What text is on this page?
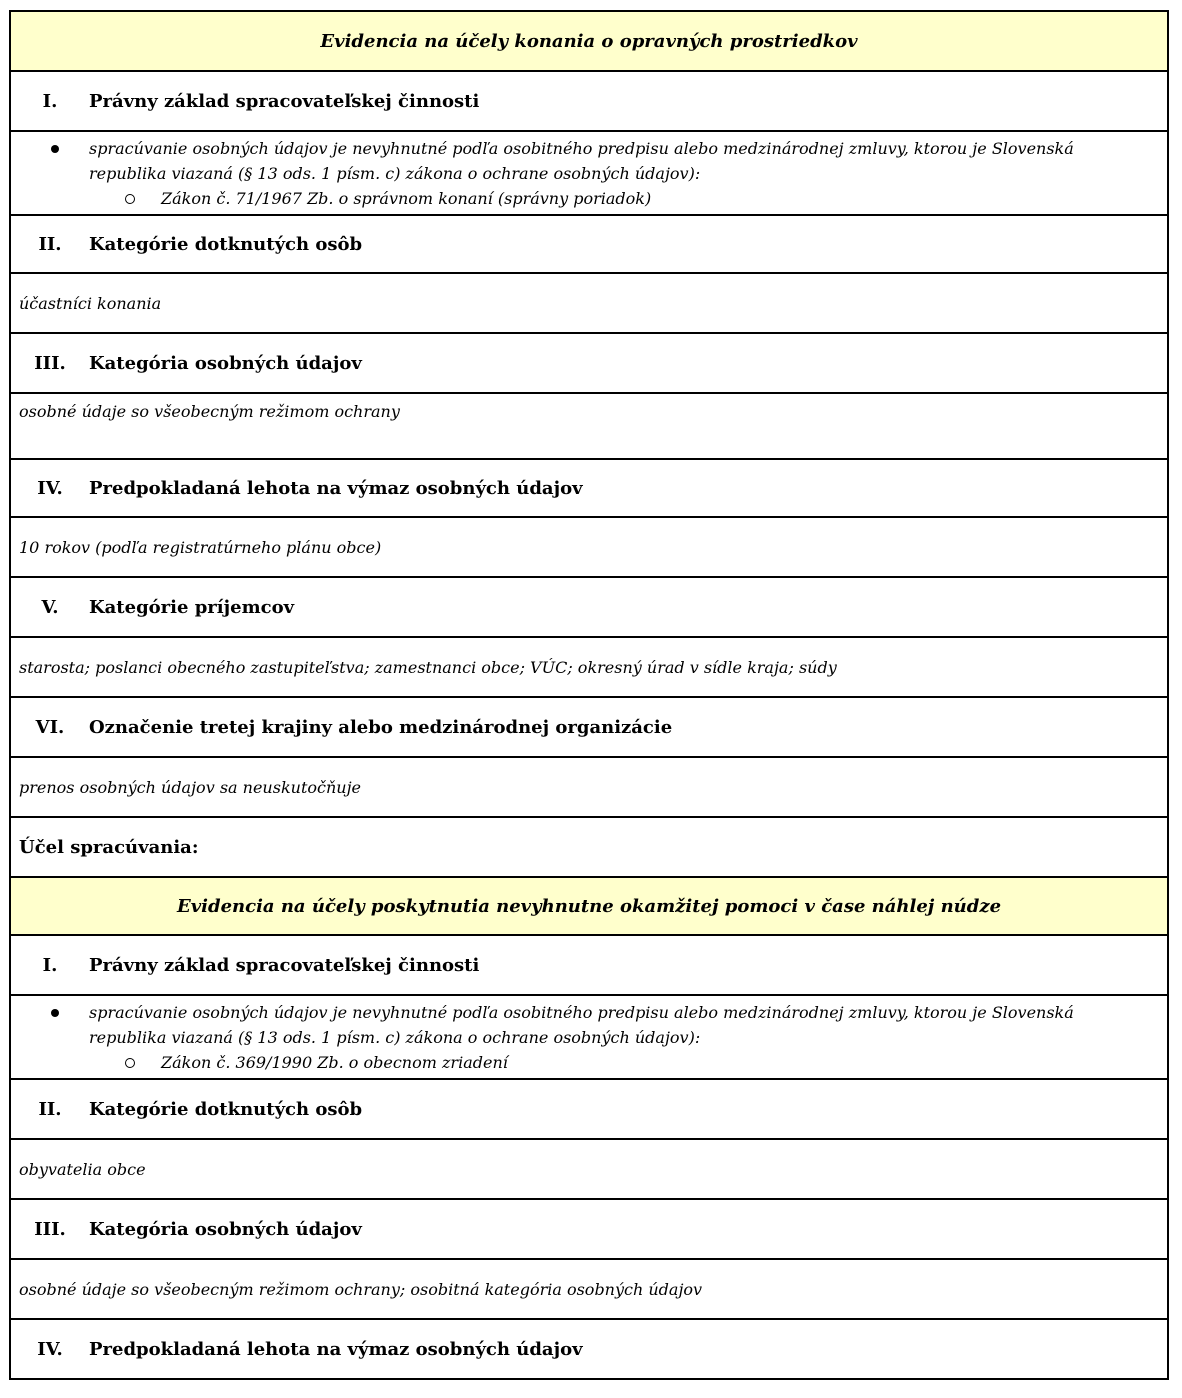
Evidencia na účely konania o opravných prostriedkov
I.	Právny základ spracovateľskej činnosti
spracúvanie osobných údajov je nevyhnutné podľa osobitného predpisu alebo medzinárodnej zmluvy, ktorou je Slovenská republika viazaná (§ 13 ods. 1 písm. c) zákona o ochrane osobných údajov):
Zákon č. 71/1967 Zb. o správnom konaní (správny poriadok)
II.	Kategórie dotknutých osôb
účastníci konania
III.	Kategória osobných údajov
osobné údaje so všeobecným režimom ochrany
IV.	Predpokladaná lehota na výmaz osobných údajov
10 rokov (podľa registratúrneho plánu obce)
V.	Kategórie príjemcov
starosta; poslanci obecného zastupiteľstva; zamestnanci obce; VÚC; okresný úrad v sídle kraja; súdy
VI.	Označenie tretej krajiny alebo medzinárodnej organizácie
prenos osobných údajov sa neuskutočňuje
Účel spracúvania:
Evidencia na účely poskytnutia nevyhnutne okamžitej pomoci v čase náhlej núdze
I.	Právny základ spracovateľskej činnosti
spracúvanie osobných údajov je nevyhnutné podľa osobitného predpisu alebo medzinárodnej zmluvy, ktorou je Slovenská republika viazaná (§ 13 ods. 1 písm. c) zákona o ochrane osobných údajov):
Zákon č. 369/1990 Zb. o obecnom zriadení
II.	Kategórie dotknutých osôb
obyvatelia obce
III.	Kategória osobných údajov
osobné údaje so všeobecným režimom ochrany; osobitná kategória osobných údajov
IV.	Predpokladaná lehota na výmaz osobných údajov
